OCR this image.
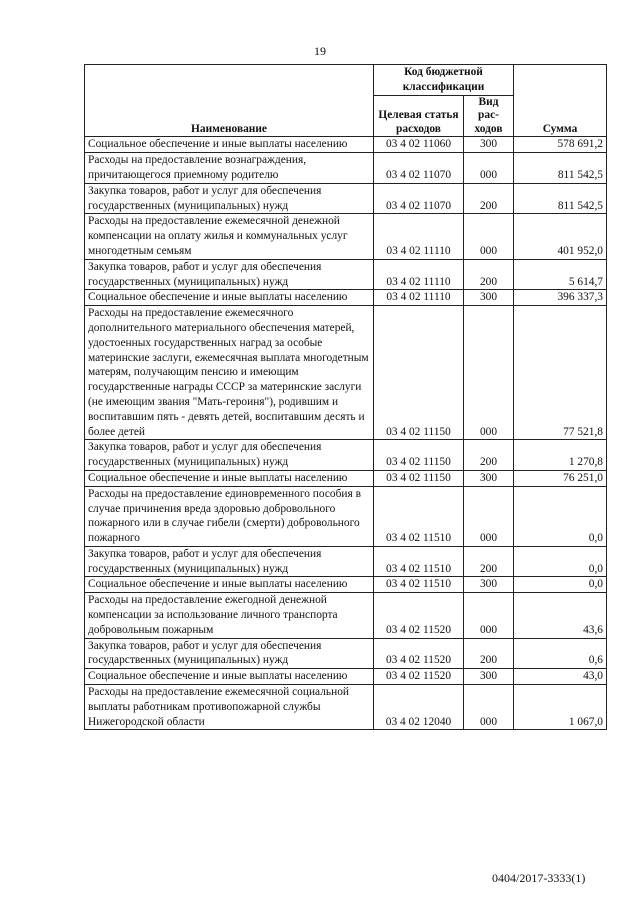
19
Наименование	Код бюджетной классификации		Сумма
	Целевая статья расходов	Вид рас-ходов	
Социальное обеспечение и иные выплаты населению	03 4 02 11060	300	578 691,2
Расходы на предоставление вознаграждения, причитающегося приемному родителю	03 4 02 11070	000	811 542,5
Закупка товаров, работ и услуг для обеспечения государственных (муниципальных) нужд	03 4 02 11070	200	811 542,5
Расходы на предоставление ежемесячной денежной компенсации на оплату жилья и коммунальных услуг многодетным семьям	03 4 02 11110	000	401 952,0
Закупка товаров, работ и услуг для обеспечения государственных (муниципальных) нужд	03 4 02 11110	200	5 614,7
Социальное обеспечение и иные выплаты населению	03 4 02 11110	300	396 337,3
Расходы на предоставление ежемесячного дополнительного материального обеспечения матерей, удостоенных государственных наград за особые материнские заслуги, ежемесячная выплата многодетным матерям, получающим пенсию и имеющим государственные награды СССР за материнские заслуги (не имеющим звания "Мать-героиня"), родившим и воспитавшим пять - девять детей, воспитавшим десять и более детей	03 4 02 11150	000	77 521,8
Закупка товаров, работ и услуг для обеспечения государственных (муниципальных) нужд	03 4 02 11150	200	1 270,8
Социальное обеспечение и иные выплаты населению	03 4 02 11150	300	76 251,0
Расходы на предоставление единовременного пособия в случае причинения вреда здоровью добровольного пожарного или в случае гибели (смерти) добровольного пожарного	03 4 02 11510	000	0,0
Закупка товаров, работ и услуг для обеспечения государственных (муниципальных) нужд	03 4 02 11510	200	0,0
Социальное обеспечение и иные выплаты населению	03 4 02 11510	300	0,0
Расходы на предоставление ежегодной денежной компенсации за использование личного транспорта добровольным пожарным	03 4 02 11520	000	43,6
Закупка товаров, работ и услуг для обеспечения государственных (муниципальных) нужд	03 4 02 11520	200	0,6
Социальное обеспечение и иные выплаты населению	03 4 02 11520	300	43,0
Расходы на предоставление ежемесячной социальной выплаты работникам противопожарной службы Нижегородской области	03 4 02 12040	000	1 067,0
0404/2017-3333(1)
